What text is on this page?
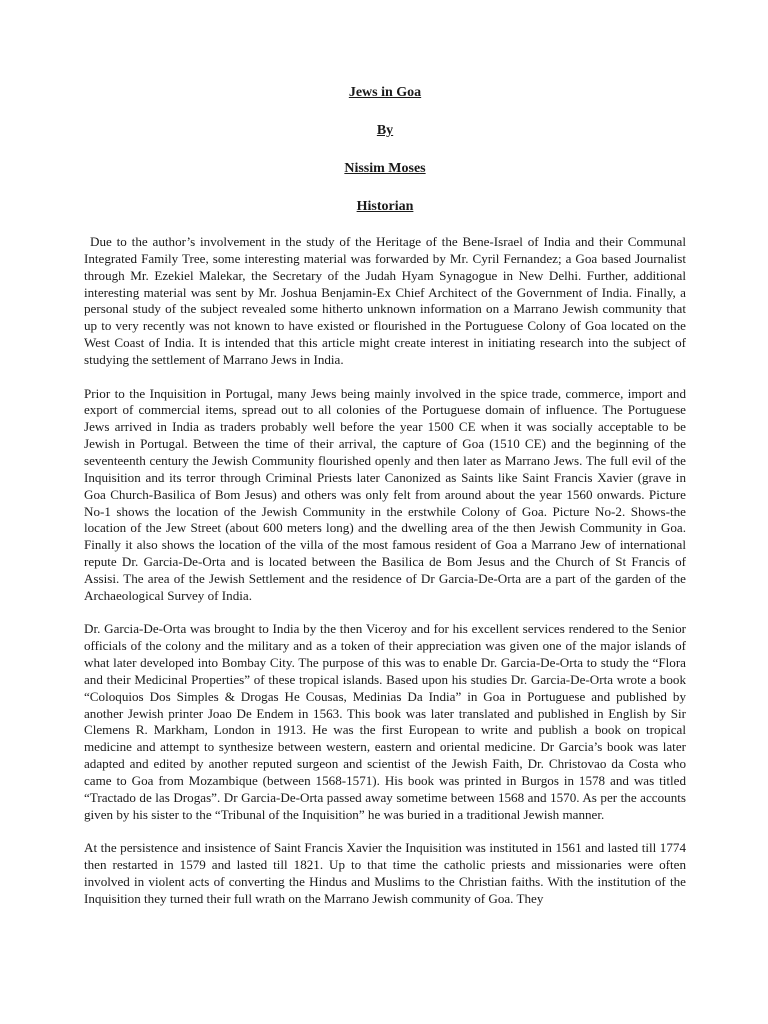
Jews in Goa

By

Nissim Moses

Historian

Due to the author’s involvement in the study of the Heritage of the Bene-Israel of India and their Communal Integrated Family Tree, some interesting material was forwarded by Mr. Cyril Fernandez; a Goa based Journalist through Mr. Ezekiel Malekar, the Secretary of the Judah Hyam Synagogue in New Delhi. Further, additional interesting material was sent by Mr. Joshua Benjamin-Ex Chief Architect of the Government of India. Finally, a personal study of the subject revealed some hitherto unknown information on a Marrano Jewish community that up to very recently was not known to have existed or flourished in the Portuguese Colony of Goa located on the West Coast of India. It is intended that this article might create interest in initiating research into the subject of studying the settlement of Marrano Jews in India.

Prior to the Inquisition in Portugal, many Jews being mainly involved in the spice trade, commerce, import and export of commercial items, spread out to all colonies of the Portuguese domain of influence. The Portuguese Jews arrived in India as traders probably well before the year 1500 CE when it was socially acceptable to be Jewish in Portugal. Between the time of their arrival, the capture of Goa (1510 CE) and the beginning of the seventeenth century the Jewish Community flourished openly and then later as Marrano Jews. The full evil of the Inquisition and its terror through Criminal Priests later Canonized as Saints like Saint Francis Xavier (grave in Goa Church-Basilica of Bom Jesus) and others was only felt from around about the year 1560 onwards. Picture No-1 shows the location of the Jewish Community in the erstwhile Colony of Goa. Picture No-2. Shows-the location of the Jew Street (about 600 meters long) and the dwelling area of the then Jewish Community in Goa. Finally it also shows the location of the villa of the most famous resident of Goa a Marrano Jew of international repute Dr. Garcia-De-Orta and is located between the Basilica de Bom Jesus and the Church of St Francis of Assisi. The area of the Jewish Settlement and the residence of Dr Garcia-De-Orta are a part of the garden of the Archaeological Survey of India.

Dr. Garcia-De-Orta was brought to India by the then Viceroy and for his excellent services rendered to the Senior officials of the colony and the military and as a token of their appreciation was given one of the major islands of what later developed into Bombay City. The purpose of this was to enable Dr. Garcia-De-Orta to study the “Flora and their Medicinal Properties” of these tropical islands. Based upon his studies Dr. Garcia-De-Orta wrote a book “Coloquios Dos Simples & Drogas He Cousas, Medinias Da India” in Goa in Portuguese and published by another Jewish printer Joao De Endem in 1563. This book was later translated and published in English by Sir Clemens R. Markham, London in 1913. He was the first European to write and publish a book on tropical medicine and attempt to synthesize between western, eastern and oriental medicine. Dr Garcia’s book was later adapted and edited by another reputed surgeon and scientist of the Jewish Faith, Dr. Christovao da Costa who came to Goa from Mozambique (between 1568-1571). His book was printed in Burgos in 1578 and was titled “Tractado de las Drogas”. Dr Garcia-De-Orta passed away sometime between 1568 and 1570. As per the accounts given by his sister to the “Tribunal of the Inquisition” he was buried in a traditional Jewish manner.

At the persistence and insistence of Saint Francis Xavier the Inquisition was instituted in 1561 and lasted till 1774 then restarted in 1579 and lasted till 1821. Up to that time the catholic priests and missionaries were often involved in violent acts of converting the Hindus and Muslims to the Christian faiths. With the institution of the Inquisition they turned their full wrath on the Marrano Jewish community of Goa. They
